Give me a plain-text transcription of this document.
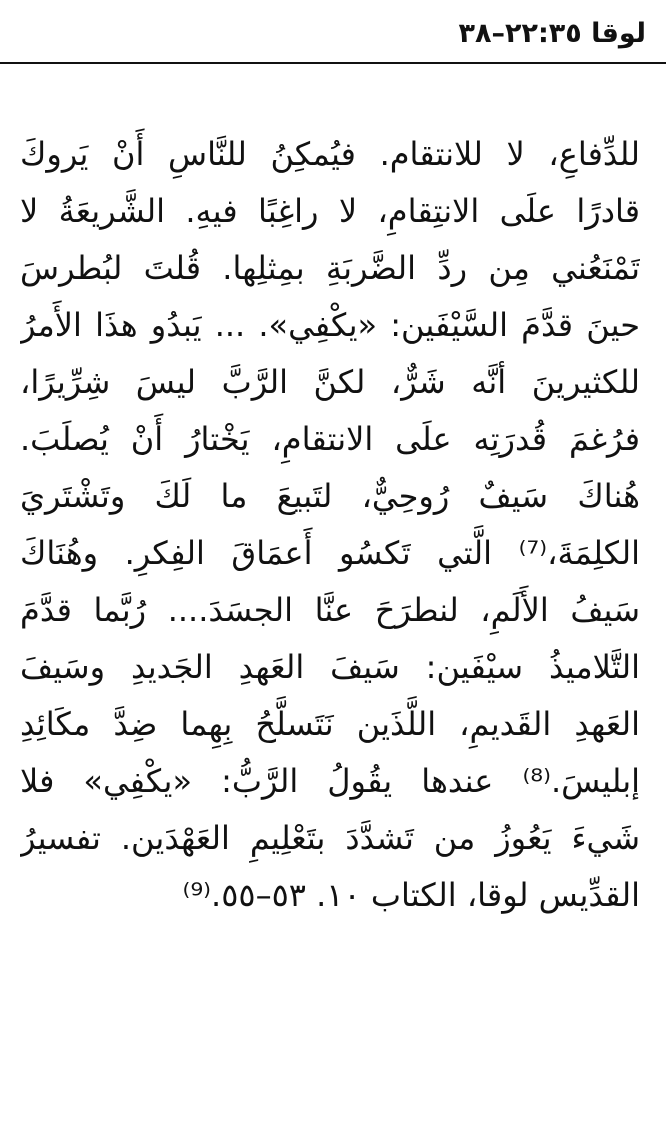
لوقا ٢٢:٣٥–٣٨
للدِّفاعِ، لا للانتقام. فيُمكِنُ للنَّاسِ أَنْ يَروكَ
قادرًا علَى الانتِقامِ، لا راغِبًا فيهِ. الشَّريعَةُ لا
تَمْنَعُني مِن ردِّ الضَّربَةِ بمِثلِها. قُلتَ لبُطرسَ
حينَ قدَّمَ السَّيْفَين: «يكْفِي». ... يَبدُو هذَا الأَمرُ
للكثيرينَ أنَّه شَرٌّ، لكنَّ الرَّبَّ ليسَ شِرِّيرًا،
فرُغمَ قُدرَتِه علَى الانتقامِ، يَخْتارُ أَنْ يُصلَبَ.
هُناكَ سَيفٌ رُوحِيٌّ، لتَبيعَ ما لَكَ وتَشْتَريَ
الكلِمَةَ،⁽⁷⁾ الَّتي تَكسُو أَعمَاقَ الفِكرِ. وهُنَاكَ
سَيفُ الأَلَمِ، لنطرَحَ عنَّا الجسَدَ.... رُبَّما قدَّمَ
التَّلاميذُ سيْفَين: سَيفَ العَهدِ الجَديدِ وسَيفَ
العَهدِ القَديمِ، اللَّذَين نَتَسلَّحُ بِهِما ضِدَّ مكَائِدِ
إبليسَ.⁽⁸⁾ عندها يقُولُ الرَّبُّ: «يكْفِي» فلا
شَيءَ يَعُوزُ من تَشدَّدَ بتَعْلِيمِ العَهْدَين. تفسيرُ
القدِّيس لوقا، الكتاب ١٠. ٥٣–٥٥.⁽⁹⁾
